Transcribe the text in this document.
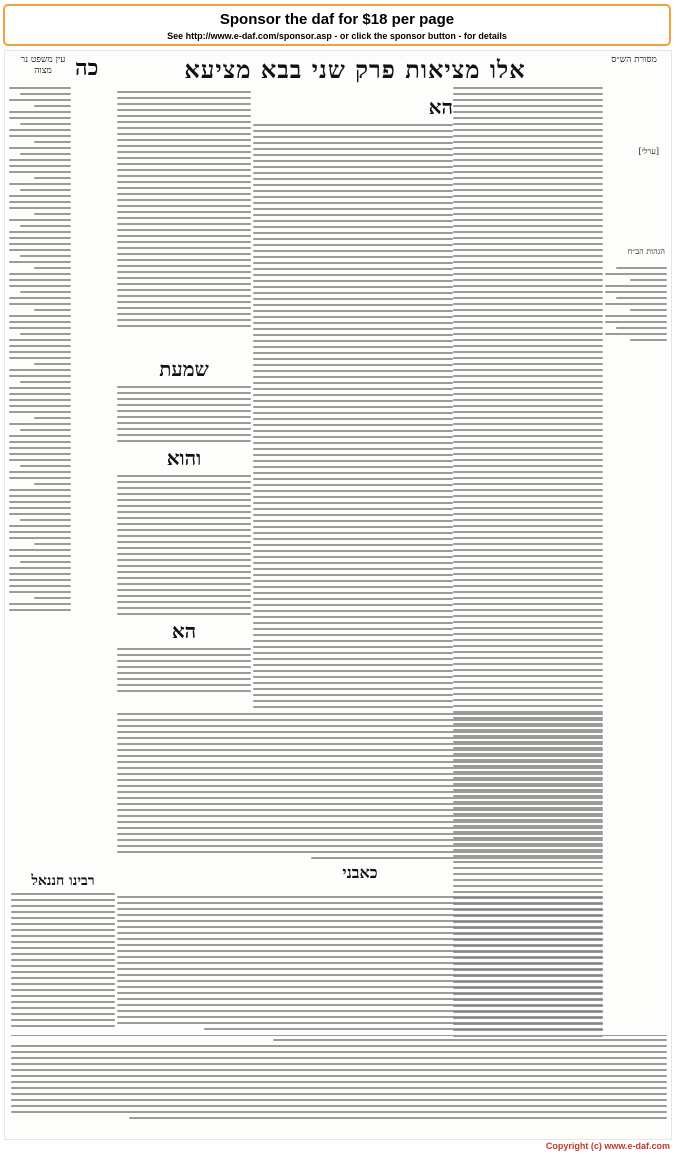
Sponsor the daf for $18 per page
See http://www.e-daf.com/sponsor.asp - or click the sponsor button - for details
מסורת הש״ס
אלו מציאות פרק שני בבא מציעא
כה
עין משפט נר מצוה
הגהות הב״ח
[ערלי]
שמעת
והוא
הא
הא
כאבני
רבינו חננאל
Copyright (c) www.e-daf.com
